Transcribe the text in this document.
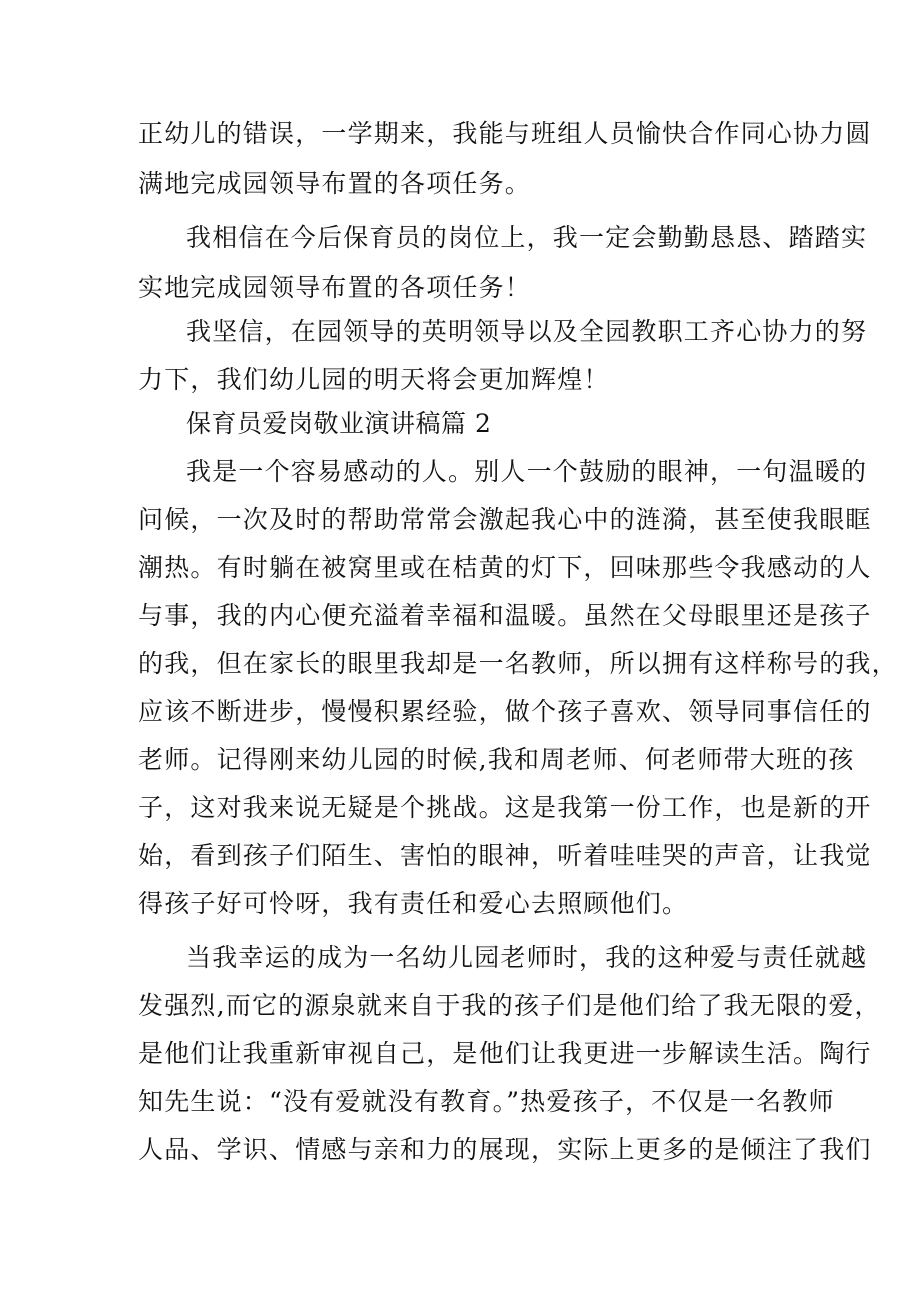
正幼儿的错误，一学期来，我能与班组人员愉快合作同心协力圆
满地完成园领导布置的各项任务。
我相信在今后保育员的岗位上，我一定会勤勤恳恳、踏踏实
实地完成园领导布置的各项任务！
我坚信，在园领导的英明领导以及全园教职工齐心协力的努
力下，我们幼儿园的明天将会更加辉煌！
保育员爱岗敬业演讲稿篇 2
我是一个容易感动的人。别人一个鼓励的眼神，一句温暖的
问候，一次及时的帮助常常会激起我心中的涟漪，甚至使我眼眶
潮热。有时躺在被窝里或在桔黄的灯下，回味那些令我感动的人
与事，我的内心便充溢着幸福和温暖。虽然在父母眼里还是孩子
的我，但在家长的眼里我却是一名教师，所以拥有这样称号的我，
应该不断进步，慢慢积累经验，做个孩子喜欢、领导同事信任的
老师。记得刚来幼儿园的时候,我和周老师、何老师带大班的孩
子，这对我来说无疑是个挑战。这是我第一份工作，也是新的开
始，看到孩子们陌生、害怕的眼神，听着哇哇哭的声音，让我觉
得孩子好可怜呀，我有责任和爱心去照顾他们。
当我幸运的成为一名幼儿园老师时，我的这种爱与责任就越
发强烈,而它的源泉就来自于我的孩子们是他们给了我无限的爱，
是他们让我重新审视自己，是他们让我更进一步解读生活。陶行
知先生说：“没有爱就没有教育。”热爱孩子，不仅是一名教师
人品、学识、情感与亲和力的展现，实际上更多的是倾注了我们
